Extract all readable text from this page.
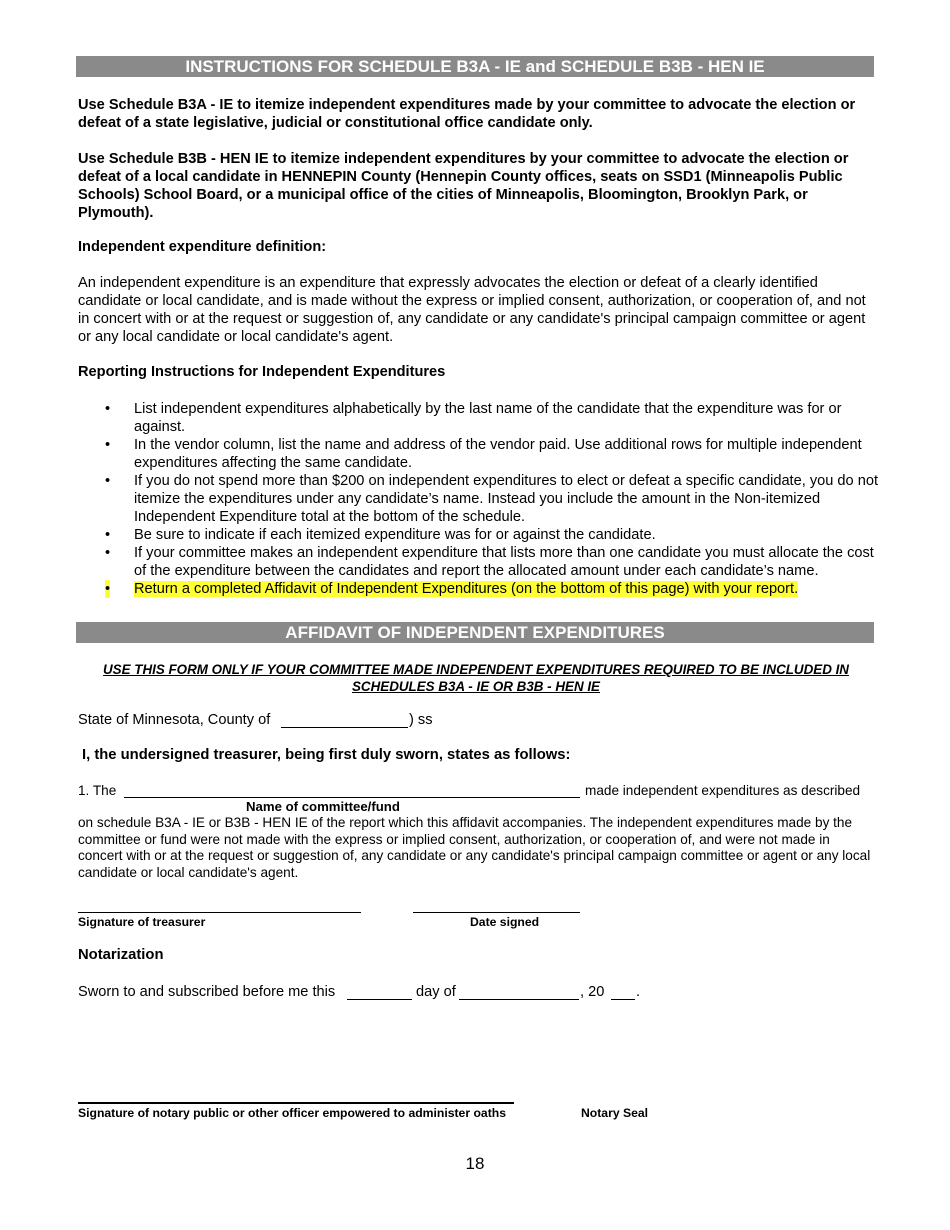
INSTRUCTIONS FOR SCHEDULE B3A - IE and SCHEDULE B3B - HEN IE
Use Schedule B3A - IE to itemize independent expenditures made by your committee to advocate the election or defeat of a state legislative, judicial or constitutional office candidate only.
Use Schedule B3B - HEN IE to itemize independent expenditures by your committee to advocate the election or defeat of a local candidate in HENNEPIN County (Hennepin County offices, seats on SSD1 (Minneapolis Public Schools) School Board, or a municipal office of the cities of Minneapolis, Bloomington, Brooklyn Park, or Plymouth).
Independent expenditure definition:
An independent expenditure is an expenditure that expressly advocates the election or defeat of a clearly identified candidate or local candidate, and is made without the express or implied consent, authorization, or cooperation of, and not in concert with or at the request or suggestion of, any candidate or any candidate's principal campaign committee or agent or any local candidate or local candidate's agent.
Reporting Instructions for Independent Expenditures
• List independent expenditures alphabetically by the last name of the candidate that the expenditure was for or against.
• In the vendor column, list the name and address of the vendor paid. Use additional rows for multiple independent expenditures affecting the same candidate.
• If you do not spend more than $200 on independent expenditures to elect or defeat a specific candidate, you do not itemize the expenditures under any candidate’s name. Instead you include the amount in the Non-itemized Independent Expenditure total at the bottom of the schedule.
• Be sure to indicate if each itemized expenditure was for or against the candidate.
• If your committee makes an independent expenditure that lists more than one candidate you must allocate the cost of the expenditure between the candidates and report the allocated amount under each candidate’s name.
• Return a completed Affidavit of Independent Expenditures (on the bottom of this page) with your report.
AFFIDAVIT OF INDEPENDENT EXPENDITURES
USE THIS FORM ONLY IF YOUR COMMITTEE MADE INDEPENDENT EXPENDITURES REQUIRED TO BE INCLUDED IN
SCHEDULES B3A - IE OR B3B - HEN IE
State of Minnesota, County of	) ss
I, the undersigned treasurer, being first duly sworn, states as follows:
1. The	made independent expenditures as described
Name of committee/fund
on schedule B3A - IE or B3B - HEN IE of the report which this affidavit accompanies. The independent expenditures made by the committee or fund were not made with the express or implied consent, authorization, or cooperation of, and were not made in concert with or at the request or suggestion of, any candidate or any candidate's principal campaign committee or agent or any local candidate or local candidate's agent.
Signature of treasurer	Date signed
Notarization
Sworn to and subscribed before me this	day of	, 20 .
Signature of notary public or other officer empowered to administer oaths	Notary Seal
18
